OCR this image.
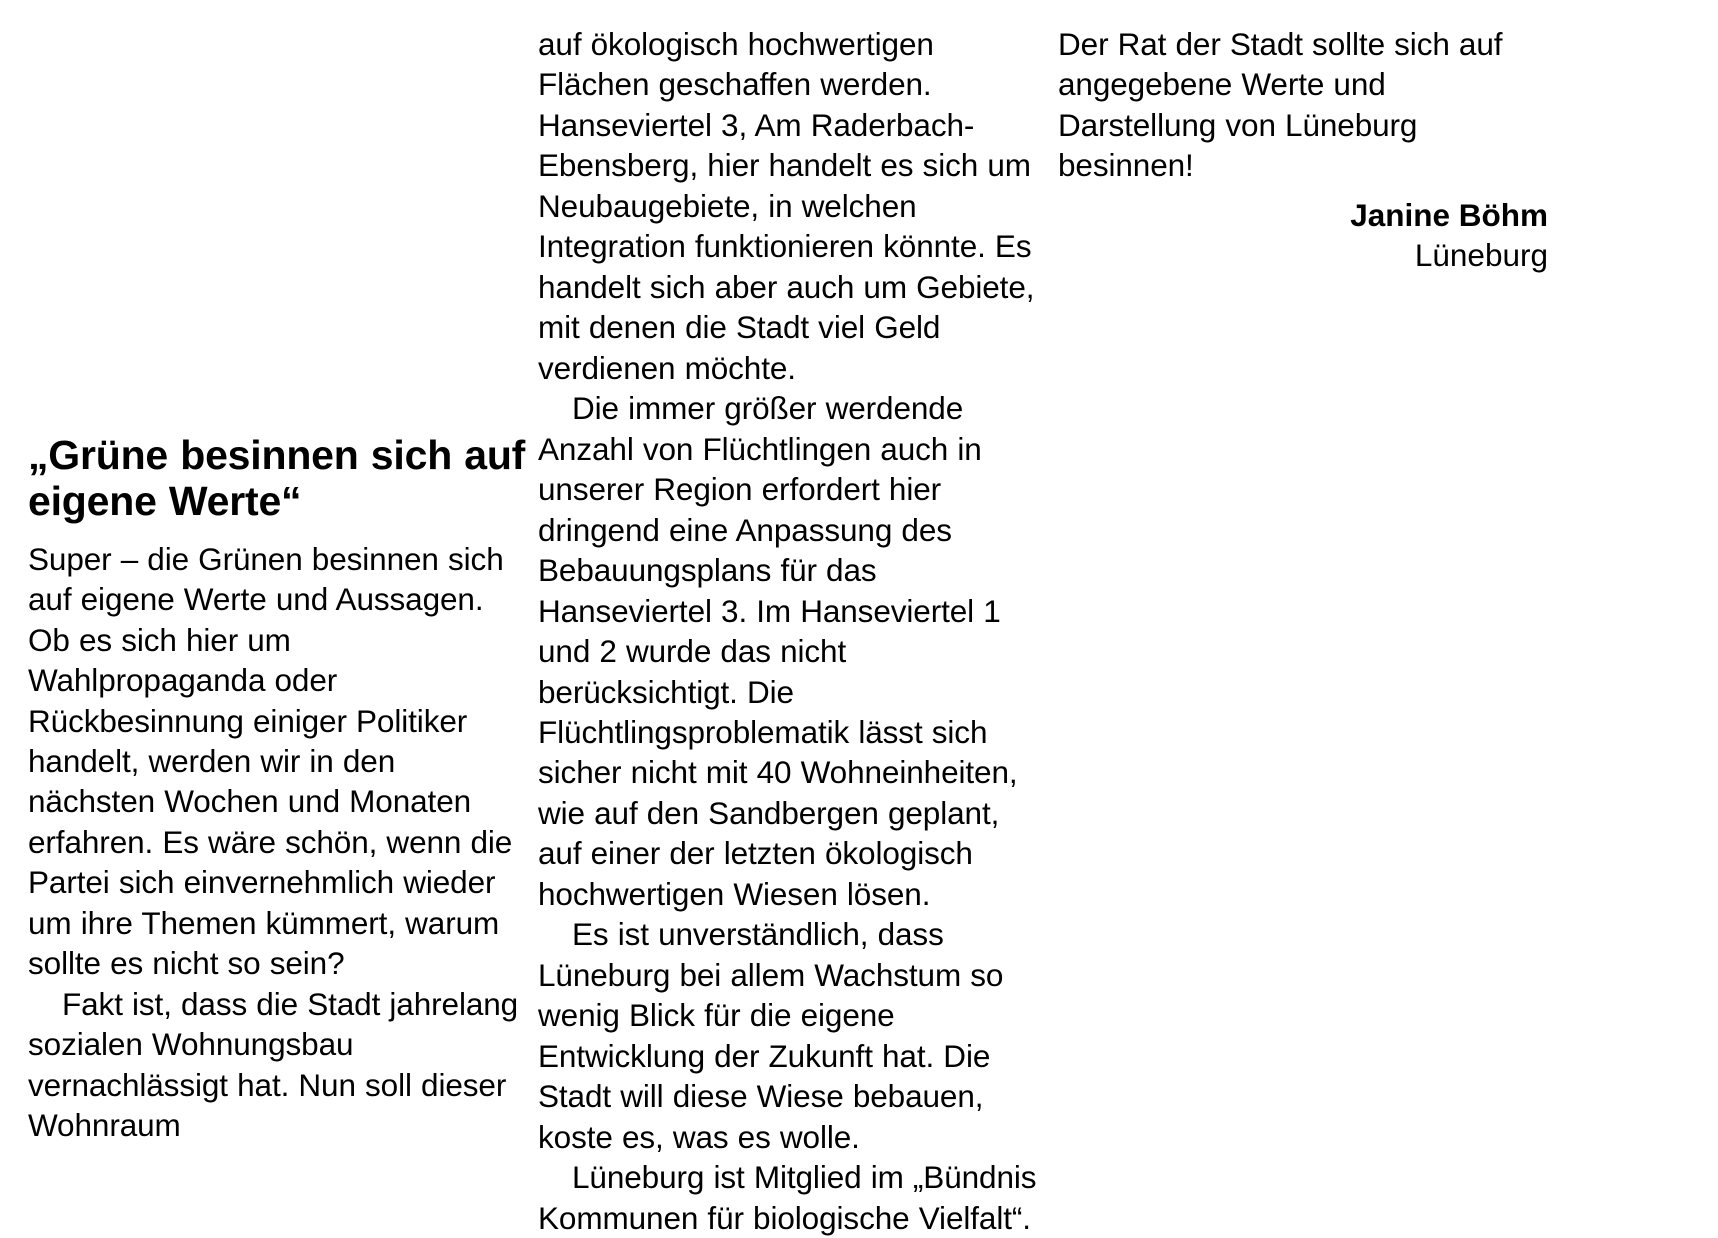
„Grüne besinnen sich auf eigene Werte“

Super – die Grünen besinnen sich auf eigene Werte und Aussagen. Ob es sich hier um Wahlpropaganda oder Rückbesinnung einiger Politiker handelt, werden wir in den nächsten Wochen und Monaten erfahren. Es wäre schön, wenn die Partei sich einvernehmlich wieder um ihre Themen kümmert, warum sollte es nicht so sein?

Fakt ist, dass die Stadt jahrelang sozialen Wohnungsbau vernachlässigt hat. Nun soll dieser Wohnraum

auf ökologisch hochwertigen Flächen geschaffen werden. Hanseviertel 3, Am Raderbach-Ebensberg, hier handelt es sich um Neubaugebiete, in welchen Integration funktionieren könnte. Es handelt sich aber auch um Gebiete, mit denen die Stadt viel Geld verdienen möchte.

Die immer größer werdende Anzahl von Flüchtlingen auch in unserer Region erfordert hier dringend eine Anpassung des Bebauungsplans für das Hanseviertel 3. Im Hanseviertel 1 und 2 wurde das nicht berücksichtigt. Die Flüchtlingsproblematik lässt sich sicher nicht mit 40 Wohneinheiten, wie auf den Sandbergen geplant, auf einer der letzten ökologisch hochwertigen Wiesen lösen.

Es ist unverständlich, dass Lüneburg bei allem Wachstum so wenig Blick für die eigene Entwicklung der Zukunft hat. Die Stadt will diese Wiese bebauen, koste es, was es wolle.

Lüneburg ist Mitglied im „Bündnis Kommunen für biologische Vielfalt“.

Der Rat der Stadt sollte sich auf angegebene Werte und Darstellung von Lüneburg besinnen!

Janine Böhm
Lüneburg
